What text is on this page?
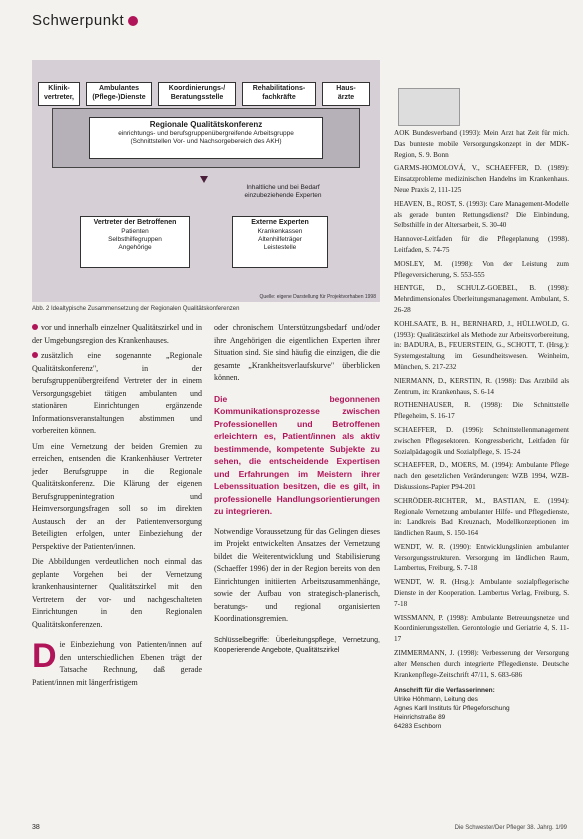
Schwerpunkt
Klinik-
vertreter,
Ambulantes
(Pflege-)Dienste
Koordinierungs-/
Beratungsstelle
Rehabilitations-
fachkräfte
Haus-
ärzte
Regionale Qualitätskonferenz
einrichtungs- und berufsgruppenübergreifende Arbeitsgruppe
(Schnittstellen Vor- und Nachsorgebereich des AKH)
Inhaltliche und bei Bedarf einzubeziehende Experten
Vertreter der Betroffenen
Patienten
Selbsthilfegruppen
Angehörige
Externe Experten
Krankenkassen
Altenhilfeträger
Leistestelle
Quelle: eigene Darstellung für Projektvorhaben 1998
Abb. 2 Idealtypische Zusammensetzung der Regionalen Qualitätskonferenzen

vor und innerhalb einzelner Qualitätszirkel und in der Umgebungsregion des Krankenhauses.

zusätzlich eine sogenannte „Regionale Qualitätskonferenz", in der berufsgruppenübergreifend Vertreter der in einem Versorgungsgebiet tätigen ambulanten und stationären Einrichtungen ergänzende Informationsveranstaltungen abstimmen und vorbereiten können.

Um eine Vernetzung der beiden Gremien zu erreichen, entsenden die Krankenhäuser Vertreter jeder Berufsgruppe in die Regionale Qualitätskonferenz. Die Klärung der eigenen Berufsgruppenintegration und Heimversorgungsfragen soll so im direkten Austausch der an der Patientenversorgung Beteiligten erfolgen, unter Einbeziehung der Perspektive der Patienten/innen.

Die Abbildungen verdeutlichen noch einmal das geplante Vorgehen bei der Vernetzung krankenhausinterner Qualitätszirkel mit den Vertretern der vor- und nachgeschalteten Einrichtungen in den Regionalen Qualitätskonferenzen.

Die Einbeziehung von Patienten/innen auf den unterschiedlichen Ebenen trägt der Tatsache Rechnung, daß gerade Patient/innen mit längerfristigem

oder chronischem Unterstützungsbedarf und/oder ihre Angehörigen die eigentlichen Experten ihrer Situation sind. Sie sind häufig die einzigen, die die gesamte „Krankheitsverlaufskurve" überblicken können.

Die begonnenen Kommunikationsprozesse zwischen Professionellen und Betroffenen erleichtern es, Patient/innen als aktiv bestimmende, kompetente Subjekte zu sehen, die entscheidende Expertisen und Erfahrungen im Meistern ihrer Lebenssituation besitzen, die es gilt, in professionelle Handlungsorientierungen zu integrieren.

Notwendige Voraussetzung für das Gelingen dieses im Projekt entwickelten Ansatzes der Vernetzung bildet die Weiterentwicklung und Stabilisierung (Schaeffer 1996) der in der Region bereits von den Einrichtungen initiierten Arbeitszusammenhänge, sowie der Aufbau von strategisch-planerisch, beratungs- und regional organisierten Koordinationsgremien.

Schlüsselbegriffe: Überleitungspflege, Vernetzung, Kooperierende Angebote, Qualitätszirkel

AOK Bundesverband (1993): Mein Arzt hat Zeit für mich. Das bunteste mobile Versorgungskonzept in der MDK-Region, S. 9. Bonn

GARMS-HOMOLOVÁ, V., SCHAEFFER, D. (1989): Einsatzprobleme medizinischen Handelns im Krankenhaus. Neue Praxis 2, 111-125

HEAVEN, B., ROST, S. (1993): Care Management-Modelle als gerade bunten Rettungsdienst? Die Einbindung, Selbsthilfe in der Altersarbeit, S. 30-40

Hannover-Leitfaden für die Pflegeplanung (1998). Leitfaden, S. 74-75

MOSLEY, M. (1998): Von der Leistung zum Pflegeversicherung, S. 553-555

HENTGE, D., SCHULZ-GOEBEL, B. (1998): Mehrdimensionales Überleitungsmanagement. Ambulant, S. 26-28

KOHLSAATE, B. H., BERNHARD, J., HÜLLWOLD, G. (1993): Qualitätszirkel als Methode zur Arbeitsvorbereitung, in: BADURA, B., FEUERSTEIN, G., SCHOTT, T. (Hrsg.): Systemgestaltung im Gesundheitswesen. Weinheim, München, S. 217-232

NIERMANN, D., KERSTIN, R. (1998): Das Arztbild als Zentrum, in: Krankenhaus, S. 6-14

ROTHENHAUSER, R. (1998): Die Schnittstelle Pflegeheim, S. 16-17

SCHAEFFER, D. (1996): Schnittstellenmanagement zwischen Pflegesektoren. Kongressbericht, Leitfaden für Sozialpädagogik und Sozialpflege, S. 15-24

SCHAEFFER, D., MOERS, M. (1994): Ambulante Pflege nach den gesetzlichen Veränderungen: WZB 1994, WZB-Diskussions-Papier P94-201

SCHRÖDER-RICHTER, M., BASTIAN, E. (1994): Regionale Vernetzung ambulanter Hilfe- und Pflegedienste, in: Landkreis Bad Kreuznach, Modellkonzeptionen im ländlichen Raum, S. 150-164

WENDT, W. R. (1990): Entwicklungslinien ambulanter Versorgungsstrukturen. Versorgung im ländlichen Raum, Lambertus, Freiburg, S. 7-18

WENDT, W. R. (Hrsg.): Ambulante sozialpflegerische Dienste in der Kooperation. Lambertus Verlag, Freiburg, S. 7-18

WISSMANN, P. (1998): Ambulante Betreuungsnetze und Koordinierungsstellen. Gerontologie und Geriatrie 4, S. 11-17

ZIMMERMANN, J. (1998): Verbesserung der Versorgung alter Menschen durch integrierte Pflegedienste. Deutsche Krankenpflege-Zeitschrift 47/11, S. 683-686

Anschrift für die Verfasserinnen:
Ulrike Höhmann, Leitung des
Agnes Karll Instituts für Pflegeforschung
Heinrichstraße 89
64283 Eschborn
38	Die Schwester/Der Pfleger 38. Jahrg. 1/99
